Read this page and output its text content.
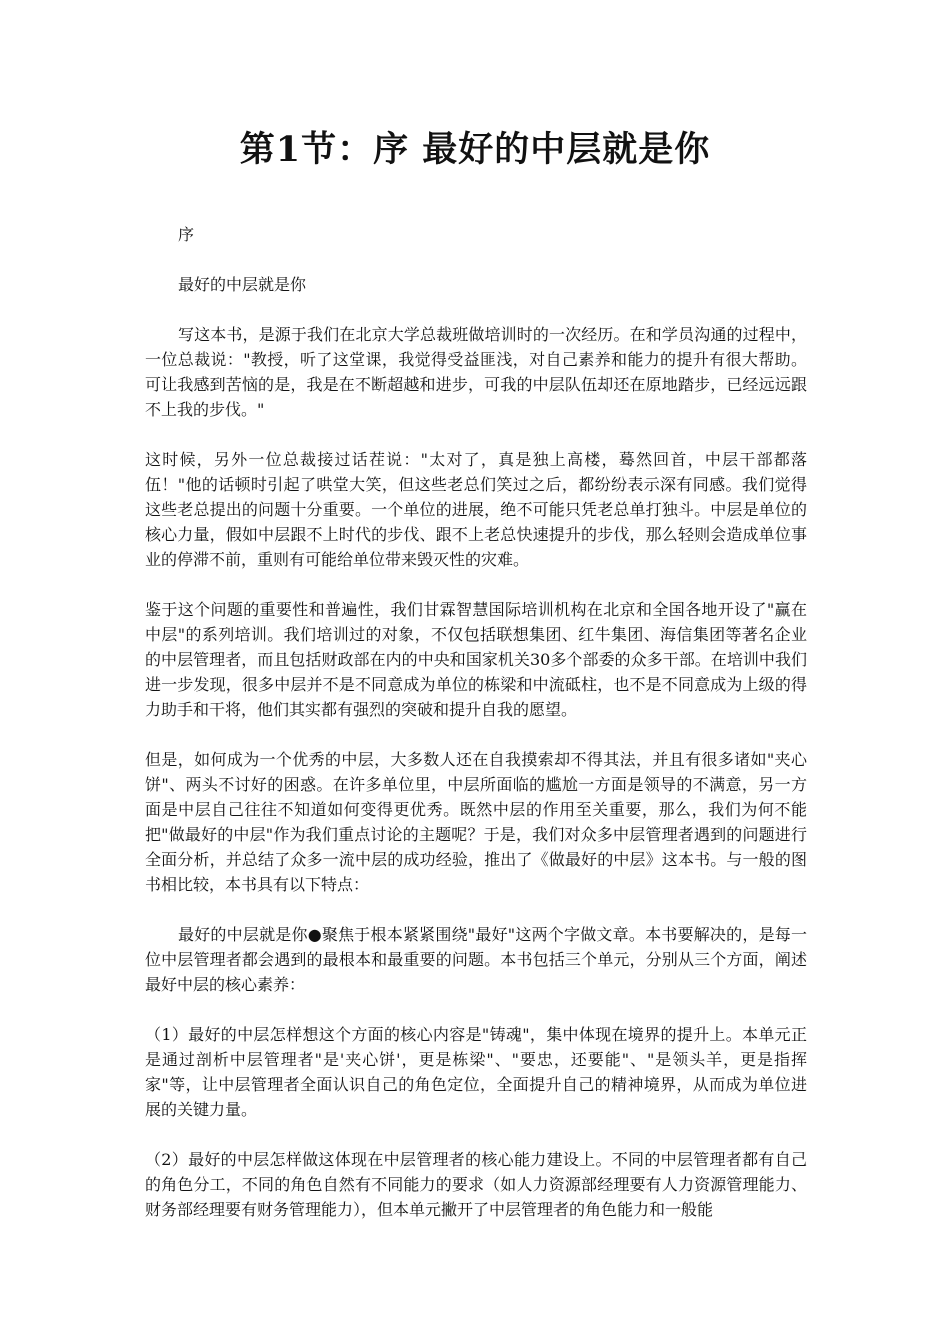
第1节：序 最好的中层就是你

序

最好的中层就是你

写这本书，是源于我们在北京大学总裁班做培训时的一次经历。在和学员沟通的过程中，一位总裁说："教授，听了这堂课，我觉得受益匪浅，对自己素养和能力的提升有很大帮助。可让我感到苦恼的是，我是在不断超越和进步，可我的中层队伍却还在原地踏步，已经远远跟不上我的步伐。"

这时候，另外一位总裁接过话茬说："太对了，真是独上高楼，蓦然回首，中层干部都落伍！"他的话顿时引起了哄堂大笑，但这些老总们笑过之后，都纷纷表示深有同感。我们觉得这些老总提出的问题十分重要。一个单位的进展，绝不可能只凭老总单打独斗。中层是单位的核心力量，假如中层跟不上时代的步伐、跟不上老总快速提升的步伐，那么轻则会造成单位事业的停滞不前，重则有可能给单位带来毁灭性的灾难。

鉴于这个问题的重要性和普遍性，我们甘霖智慧国际培训机构在北京和全国各地开设了"赢在中层"的系列培训。我们培训过的对象，不仅包括联想集团、红牛集团、海信集团等著名企业的中层管理者，而且包括财政部在内的中央和国家机关30多个部委的众多干部。在培训中我们进一步发现，很多中层并不是不同意成为单位的栋梁和中流砥柱，也不是不同意成为上级的得力助手和干将，他们其实都有强烈的突破和提升自我的愿望。

但是，如何成为一个优秀的中层，大多数人还在自我摸索却不得其法，并且有很多诸如"夹心饼"、两头不讨好的困惑。在许多单位里，中层所面临的尴尬一方面是领导的不满意，另一方面是中层自己往往不知道如何变得更优秀。既然中层的作用至关重要，那么，我们为何不能把"做最好的中层"作为我们重点讨论的主题呢？于是，我们对众多中层管理者遇到的问题进行全面分析，并总结了众多一流中层的成功经验，推出了《做最好的中层》这本书。与一般的图书相比较，本书具有以下特点：

最好的中层就是你●聚焦于根本紧紧围绕"最好"这两个字做文章。本书要解决的，是每一位中层管理者都会遇到的最根本和最重要的问题。本书包括三个单元，分别从三个方面，阐述最好中层的核心素养：

（1）最好的中层怎样想这个方面的核心内容是"铸魂"，集中体现在境界的提升上。本单元正是通过剖析中层管理者"是'夹心饼'，更是栋梁"、"要忠，还要能"、"是领头羊，更是指挥家"等，让中层管理者全面认识自己的角色定位，全面提升自己的精神境界，从而成为单位进展的关键力量。

（2）最好的中层怎样做这体现在中层管理者的核心能力建设上。不同的中层管理者都有自己的角色分工，不同的角色自然有不同能力的要求（如人力资源部经理要有人力资源管理能力、财务部经理要有财务管理能力），但本单元撇开了中层管理者的角色能力和一般能
